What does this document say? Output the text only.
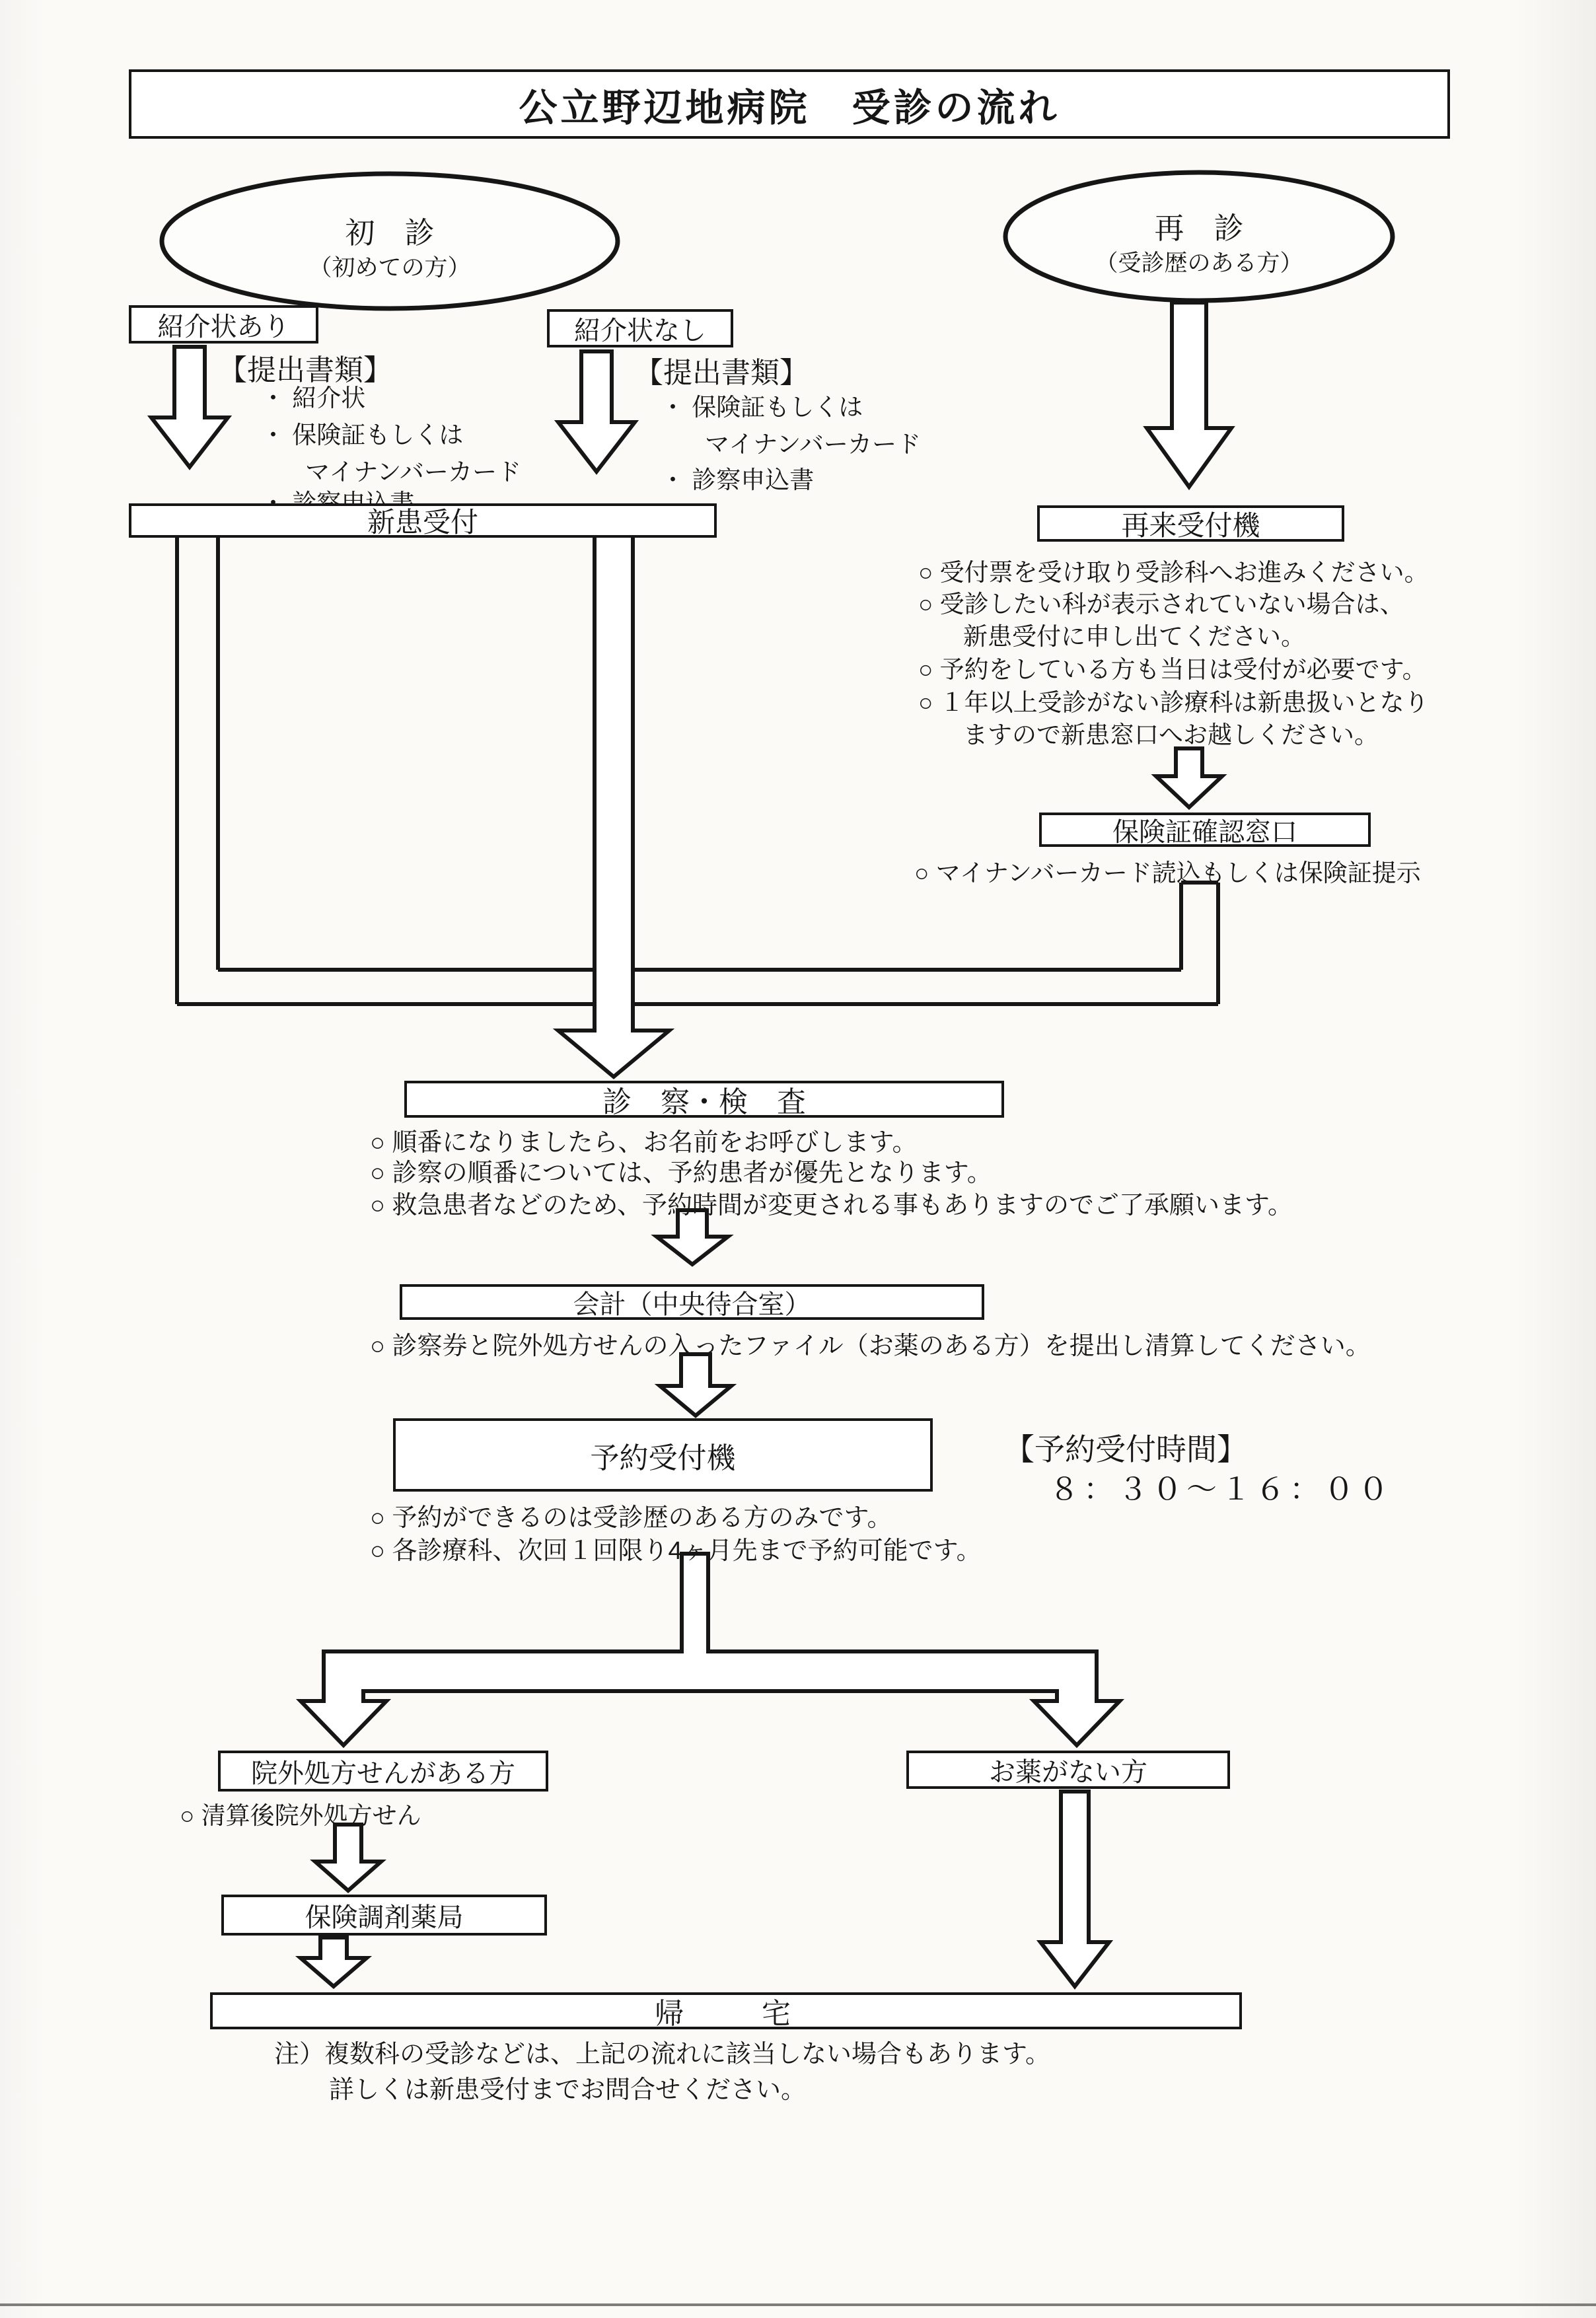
公立野辺地病院　受診の流れ
初　診
（初めての方）
再　診
（受診歴のある方）
紹介状あり	紹介状なし
【提出書類】
・ 紹介状
・ 保険証もしくは
マイナンバーカード
【提出書類】
・ 保険証もしくは
マイナンバーカード
・ 診察申込書
新患受付	再来受付機
○ 受付票を受け取り受診科へお進みください。
○ 受診したい科が表示されていない場合は、
新患受付に申し出てください。
○ 予約をしている方も当日は受付が必要です。
○ １年以上受診がない診療科は新患扱いとなり
ますので新患窓口へお越しください。
保険証確認窓口
○ マイナンバーカード読込もしくは保険証提示
診　察・検　査
○ 順番になりましたら、お名前をお呼びします。
○ 診察の順番については、予約患者が優先となります。
○ 救急患者などのため、予約時間が変更される事もありますのでご了承願います。
会計（中央待合室）
○ 診察券と院外処方せんの入ったファイル（お薬のある方）を提出し清算してください。
予約受付機	【予約受付時間】
８：３０～１６：００
○ 予約ができるのは受診歴のある方のみです。
○ 各診療科、次回１回限り4ヶ月先まで予約可能です。
院外処方せんがある方	お薬がない方
○ 清算後院外処方せん
保険調剤薬局
帰　　宅
注）複数科の受診などは、上記の流れに該当しない場合もあります。
詳しくは新患受付までお問合せください。
